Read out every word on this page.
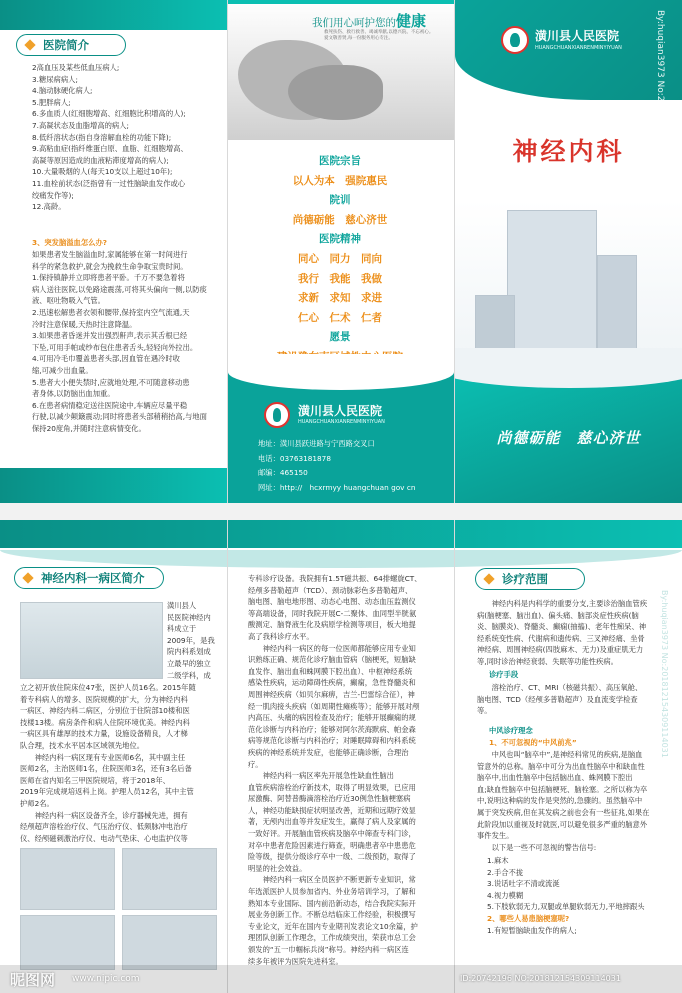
医院简介

2高血压及某些低血压病人;

3.糖尿病病人;

4.脑动脉硬化病人;

5.肥胖病人;

6.多血质人(红细胞增高、红细胞比积增高的人);

7.高凝状态及血脂增高的病人;

8.低纤溶状态(指自身溶解血栓的功能下降);

9.高粘血症(指纤维蛋白原、血脂、红细胞增高、

高凝等原因造成的血液粘滞度增高的病人);

10.大量吸烟的人(每天10支以上超过10年);

11.血栓前状态(泛指曾有一过性脑缺血发作或心

绞痛发作等);

12.高龄。

3、突发脑溢血怎么办?

如果患者发生脑溢血时,家属能够在第一时间进行

科学的紧急救护,就会为挽救生命争取宝贵时间。

1.保持镇静并立即将患者平卧。千万不要急着将

病人送往医院,以免路途震荡,可将其头偏向一侧,以防痰

液、呕吐物吸入气管。

2.迅速松解患者衣领和腰带,保持室内空气流通,天

冷时注意保暖,天热时注意降温。

3.如果患者昏迷并发出强烈鼾声,表示其舌根已经

下坠,可用手帕或纱布包住患者舌头,轻轻向外拉出。

4.可用冷毛巾覆盖患者头部,因血管在遇冷时收

缩,可减少出血量。

5.患者大小便失禁时,应就地处理,不可随意移动患

者身体,以防脑出血加重。

6.在患者病情稳定送往医院途中,车辆应尽量平稳

行驶,以减少颠簸震动;同时将患者头部稍稍抬高,与地面

保持20度角,并随时注意病情变化。

我们用心呵护您的健康
救死扶伤、救行救善、竭诚奉献,以德兴院、不忘初心。
爱文敬善贤,每一份服务用心专注。
医院宗旨
以人为本　强院惠民
院训
尚德砺能　慈心济世
医院精神
同心　同力　同向
我行　我能　我做
求新　求知　求进
仁心　仁术　仁者
愿景
潢川县人民医院
HUANGCHUANXIANRENMINYIYUAN
地址：潢川县跃进路与宁西路交叉口
电话：03763181878
邮编：465150
网址：http://　hcxrmyy huangchuan gov cn
潢川县人民医院
HUANGCHUANXIANRENMINYIYUAN
神经内科
尚德砺能　慈心济世
By:huqian3973 No:20181215430911403​1
神经内科一病区简介

潢川县人

民医院神经内

科成立于

2009年，是我

院内科系划成

立最早的独立

二级学科，成

立之初开放住院床位47张，医护人员16名。2015年随

着专科病人的增多、医院规模的扩大，分为神经内科

一病区、神经内科二病区，分别位于住院部10楼和医

技楼13楼。病房条件和病人住院环境优美。神经内科

一病区具有雄厚的技术力量，设施设备精良，人才梯

队合理，技术水平居本区域领先地位。

　　神经内科一病区现有专业医师6名，其中副主任

医师2名，主治医师1名，住院医师3名，还有3名后备

医师在省内知名三甲医院规培，将于2018年、

2019年完成规培返科上岗。护理人员12名，其中主管

护师2名。

　　神经内科一病区设备齐全，诊疗器械先进，拥有

经颅超声溶栓治疗仪、气压治疗仪、低频脉冲电治疗

仪、经颅磁刺激治疗仪、电动气垫床、心电监护仪等

专科诊疗设备。我院拥有1.5T磁共振、64排螺旋CT、

经颅多普勒超声（TCD）、颈动脉彩色多普勒超声、

脑电图、脑电地形图、动态心电图、动态血压监测仪

等高端设备，同时我院开展C-二聚体、血同型半胱氨

酸测定、脑脊液生化及病原学检测等项目，板大地提

高了我科诊疗水平。

　　神经内科一病区的每一位医师都能够应用专业知

识熟练正确、规范化诊疗脑血管病（脑梗死，短脑缺

血发作、脑出血和蛛网膜下腔出血）、中枢神经系统

感染性疾病，运动障碍性疾病，癫痫，急性脊髓炎和

周围神经疾病（如贝尔麻痹，吉兰-巴雷综合征），神

经一肌肉接头疾病（如周期性瘫痪等）；能够开展对颅

内高压、头痛的病因检查及治疗；能够开展癫痫的规

范化诊断与内科治疗；能够对阿尔茨海默病、帕金森

病等规范化诊断与内科治疗；对睡眠障碍和内科系统

疾病的神经系统并发症，也能够正确诊断，合理治

疗。

　　神经内科一病区率先开展急性缺血性脑出

血管疾病溶栓治疗新技术，取得了明显效果，已应用

尿激酶、阿替普酶滴溶栓治疗近30例急性脑梗塞病

人，神经功能缺损症状明显改善，近期和远期疗效显

著，无颅内出血等并发症发生，赢得了病人及家属的

一致好评。开展脑血管疾病及脑卒中筛查专科门诊，

对卒中患者危险因素进行筛查，明确患者卒中患患危

险等级，提供分级诊疗卒中一级、二级预防，取得了

明显的社会效益。

　　神经内科一病区全员医护不断更新专业知识，常

年选派医护人员参加省内、外业务培训学习，了解和

熟知本专业国际、国内前沿新动态，结合我院实际开

展业务创新工作。不断总结临床工作经验，积极撰写

专业论文，近年在国内专业期刊发表论文10余篇，护

理团队创新工作理念，工作成绩突出，荣获市总工会

颁发的“五一巾帼标兵岗”称号。神经内科一病区连

续多年被评为医院先进科室。

诊疗范围

　　神经内科是内科学的重要分支,主要诊治脑血管疾

病(脑梗塞、脑出血)、偏头痛、脑部炎症性疾病(脑

炎、脑膜炎)、脊髓炎、癫痫(抽搐)、老年性痴呆、神

经系统变性病、代谢病和遗传病、三叉神经痛、坐骨

神经病、周围神经病(四肢麻木、无力)及重症肌无力

等,同时诊治神经衰弱、失眠等功能性疾病。

诊疗手段

　　溶栓治疗、CT、MRI（核磁共振）、高压氧舱、

脑电图、TCD（经颅多普勒超声）及血流变学检查

等。

中风诊疗理念
1、不可忽视的“中风前兆”

　　中风也叫“脑卒中”,是神经科常见的疾病,是脑血

管意外的总称。脑卒中可分为出血性脑卒中和缺血性

脑卒中,出血性脑卒中包括脑出血、蛛网膜下腔出

血;缺血性脑卒中包括脑梗死、脑栓塞。之所以称为卒

中,说明这种病的发作是突然的,急骤的。虽然脑卒中

属于突发疾病,但在其发病之前也会有一些征兆,如果在

此阶段加以重视及时就医,可以避免很多严重的脑意外

事件发生。

　　以下是一些不可忽视的警告信号:

1.麻木

2.手合不拢

3.说话吐字不清或流涎

4.视力模糊

5.下肢软弱无力,双腿或单腿软弱无力,平地摔跟头

2、哪些人易患脑梗塞呢?
1.有短暂脑缺血发作的病人;
By:huqian3973 No:20181215430911403​1
昵图网 www.nipic.com	ID:20742196 NO:20181215430911403​1
